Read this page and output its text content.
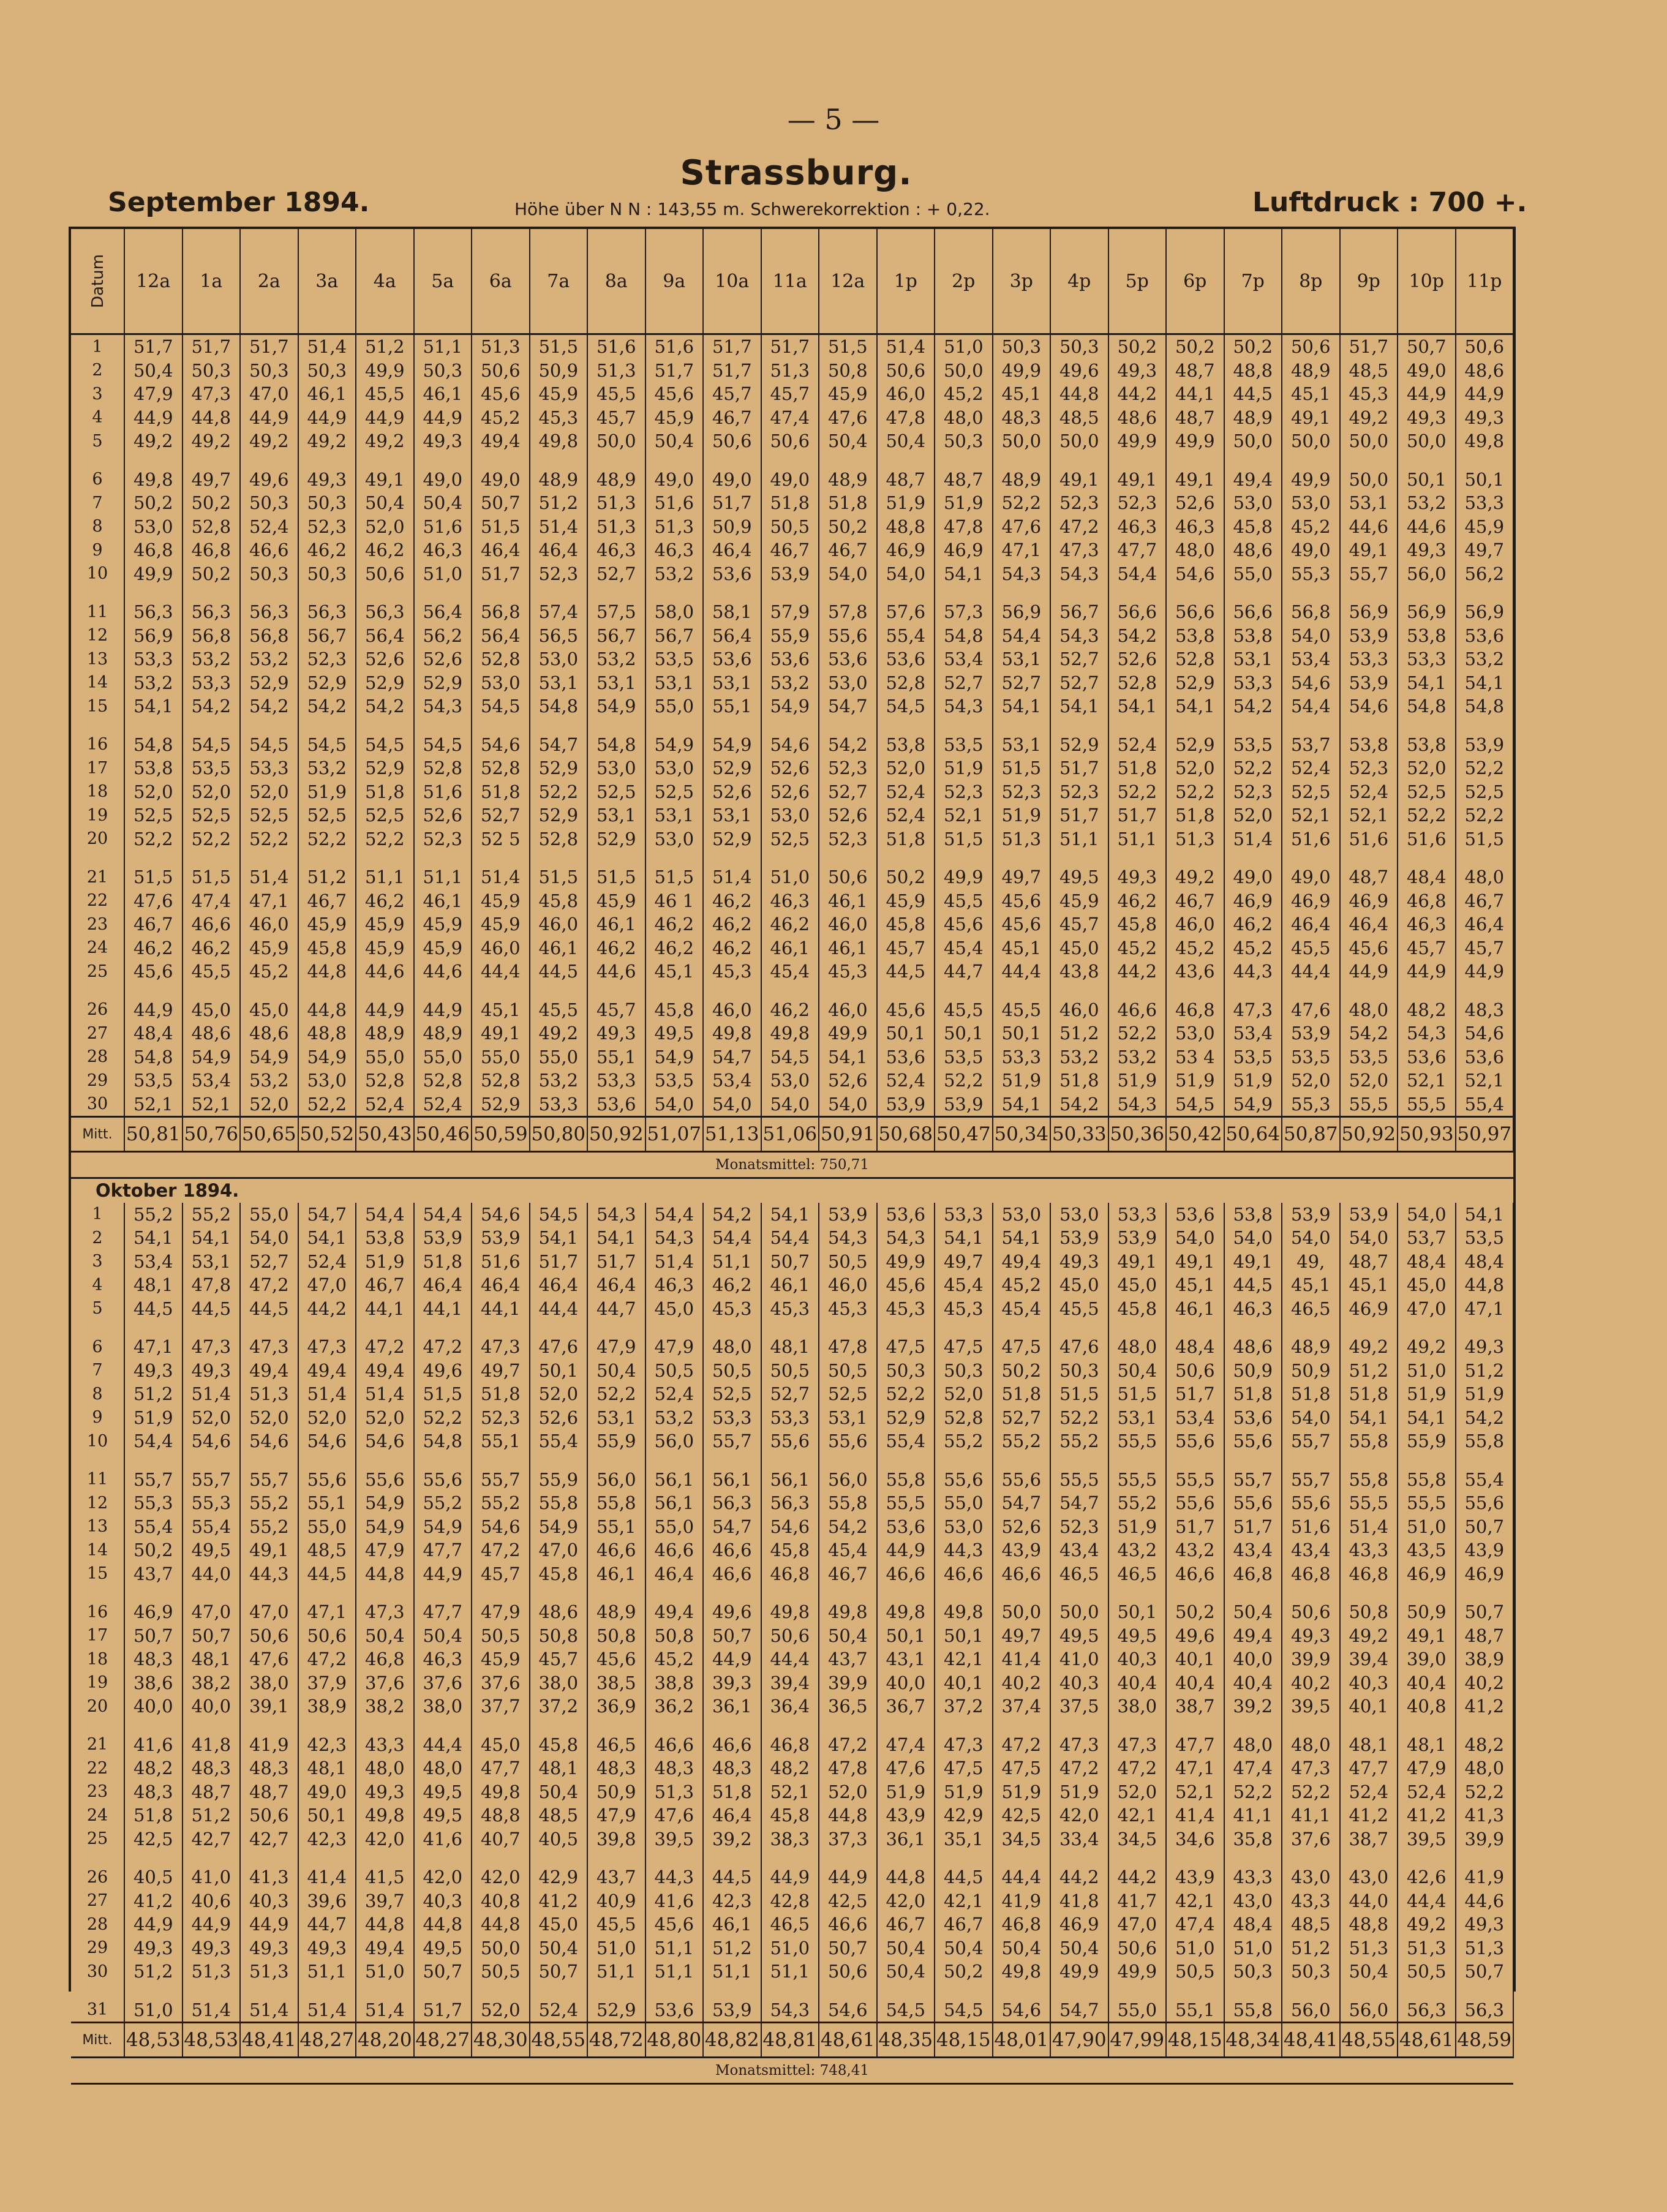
— 5 —
Strassburg.
September 1894.	Höhe über N N : 143,55 m. Schwerekorrektion : + 0,22.	Luftdruck : 700 +.
Datum	12a	1a	2a	3a	4a	5a	6a	7a	8a	9a	10a	11a	12a	1p	2p	3p	4p	5p	6p	7p	8p	9p	10p	11p
1	51,7	51,7	51,7	51,4	51,2	51,1	51,3	51,5	51,6	51,6	51,7	51,7	51,5	51,4	51,0	50,3	50,3	50,2	50,2	50,2	50,6	51,7	50,7	50,6
2	50,4	50,3	50,3	50,3	49,9	50,3	50,6	50,9	51,3	51,7	51,7	51,3	50,8	50,6	50,0	49,9	49,6	49,3	48,7	48,8	48,9	48,5	49,0	48,6
3	47,9	47,3	47,0	46,1	45,5	46,1	45,6	45,9	45,5	45,6	45,7	45,7	45,9	46,0	45,2	45,1	44,8	44,2	44,1	44,5	45,1	45,3	44,9	44,9
4	44,9	44,8	44,9	44,9	44,9	44,9	45,2	45,3	45,7	45,9	46,7	47,4	47,6	47,8	48,0	48,3	48,5	48,6	48,7	48,9	49,1	49,2	49,3	49,3
5	49,2	49,2	49,2	49,2	49,2	49,3	49,4	49,8	50,0	50,4	50,6	50,6	50,4	50,4	50,3	50,0	50,0	49,9	49,9	50,0	50,0	50,0	50,0	49,8

6	49,8	49,7	49,6	49,3	49,1	49,0	49,0	48,9	48,9	49,0	49,0	49,0	48,9	48,7	48,7	48,9	49,1	49,1	49,1	49,4	49,9	50,0	50,1	50,1
7	50,2	50,2	50,3	50,3	50,4	50,4	50,7	51,2	51,3	51,6	51,7	51,8	51,8	51,9	51,9	52,2	52,3	52,3	52,6	53,0	53,0	53,1	53,2	53,3
8	53,0	52,8	52,4	52,3	52,0	51,6	51,5	51,4	51,3	51,3	50,9	50,5	50,2	48,8	47,8	47,6	47,2	46,3	46,3	45,8	45,2	44,6	44,6	45,9
9	46,8	46,8	46,6	46,2	46,2	46,3	46,4	46,4	46,3	46,3	46,4	46,7	46,7	46,9	46,9	47,1	47,3	47,7	48,0	48,6	49,0	49,1	49,3	49,7
10	49,9	50,2	50,3	50,3	50,6	51,0	51,7	52,3	52,7	53,2	53,6	53,9	54,0	54,0	54,1	54,3	54,3	54,4	54,6	55,0	55,3	55,7	56,0	56,2

11	56,3	56,3	56,3	56,3	56,3	56,4	56,8	57,4	57,5	58,0	58,1	57,9	57,8	57,6	57,3	56,9	56,7	56,6	56,6	56,6	56,8	56,9	56,9	56,9
12	56,9	56,8	56,8	56,7	56,4	56,2	56,4	56,5	56,7	56,7	56,4	55,9	55,6	55,4	54,8	54,4	54,3	54,2	53,8	53,8	54,0	53,9	53,8	53,6
13	53,3	53,2	53,2	52,3	52,6	52,6	52,8	53,0	53,2	53,5	53,6	53,6	53,6	53,6	53,4	53,1	52,7	52,6	52,8	53,1	53,4	53,3	53,3	53,2
14	53,2	53,3	52,9	52,9	52,9	52,9	53,0	53,1	53,1	53,1	53,1	53,2	53,0	52,8	52,7	52,7	52,7	52,8	52,9	53,3	54,6	53,9	54,1	54,1
15	54,1	54,2	54,2	54,2	54,2	54,3	54,5	54,8	54,9	55,0	55,1	54,9	54,7	54,5	54,3	54,1	54,1	54,1	54,1	54,2	54,4	54,6	54,8	54,8

16	54,8	54,5	54,5	54,5	54,5	54,5	54,6	54,7	54,8	54,9	54,9	54,6	54,2	53,8	53,5	53,1	52,9	52,4	52,9	53,5	53,7	53,8	53,8	53,9
17	53,8	53,5	53,3	53,2	52,9	52,8	52,8	52,9	53,0	53,0	52,9	52,6	52,3	52,0	51,9	51,5	51,7	51,8	52,0	52,2	52,4	52,3	52,0	52,2
18	52,0	52,0	52,0	51,9	51,8	51,6	51,8	52,2	52,5	52,5	52,6	52,6	52,7	52,4	52,3	52,3	52,3	52,2	52,2	52,3	52,5	52,4	52,5	52,5
19	52,5	52,5	52,5	52,5	52,5	52,6	52,7	52,9	53,1	53,1	53,1	53,0	52,6	52,4	52,1	51,9	51,7	51,7	51,8	52,0	52,1	52,1	52,2	52,2
20	52,2	52,2	52,2	52,2	52,2	52,3	52 5	52,8	52,9	53,0	52,9	52,5	52,3	51,8	51,5	51,3	51,1	51,1	51,3	51,4	51,6	51,6	51,6	51,5

21	51,5	51,5	51,4	51,2	51,1	51,1	51,4	51,5	51,5	51,5	51,4	51,0	50,6	50,2	49,9	49,7	49,5	49,3	49,2	49,0	49,0	48,7	48,4	48,0
22	47,6	47,4	47,1	46,7	46,2	46,1	45,9	45,8	45,9	46 1	46,2	46,3	46,1	45,9	45,5	45,6	45,9	46,2	46,7	46,9	46,9	46,9	46,8	46,7
23	46,7	46,6	46,0	45,9	45,9	45,9	45,9	46,0	46,1	46,2	46,2	46,2	46,0	45,8	45,6	45,6	45,7	45,8	46,0	46,2	46,4	46,4	46,3	46,4
24	46,2	46,2	45,9	45,8	45,9	45,9	46,0	46,1	46,2	46,2	46,2	46,1	46,1	45,7	45,4	45,1	45,0	45,2	45,2	45,2	45,5	45,6	45,7	45,7
25	45,6	45,5	45,2	44,8	44,6	44,6	44,4	44,5	44,6	45,1	45,3	45,4	45,3	44,5	44,7	44,4	43,8	44,2	43,6	44,3	44,4	44,9	44,9	44,9

26	44,9	45,0	45,0	44,8	44,9	44,9	45,1	45,5	45,7	45,8	46,0	46,2	46,0	45,6	45,5	45,5	46,0	46,6	46,8	47,3	47,6	48,0	48,2	48,3
27	48,4	48,6	48,6	48,8	48,9	48,9	49,1	49,2	49,3	49,5	49,8	49,8	49,9	50,1	50,1	50,1	51,2	52,2	53,0	53,4	53,9	54,2	54,3	54,6
28	54,8	54,9	54,9	54,9	55,0	55,0	55,0	55,0	55,1	54,9	54,7	54,5	54,1	53,6	53,5	53,3	53,2	53,2	53 4	53,5	53,5	53,5	53,6	53,6
29	53,5	53,4	53,2	53,0	52,8	52,8	52,8	53,2	53,3	53,5	53,4	53,0	52,6	52,4	52,2	51,9	51,8	51,9	51,9	51,9	52,0	52,0	52,1	52,1
30	52,1	52,1	52,0	52,2	52,4	52,4	52,9	53,3	53,6	54,0	54,0	54,0	54,0	53,9	53,9	54,1	54,2	54,3	54,5	54,9	55,3	55,5	55,5	55,4
Mitt.	50,81	50,76	50,65	50,52	50,43	50,46	50,59	50,80	50,92	51,07	51,13	51,06	50,91	50,68	50,47	50,34	50,33	50,36	50,42	50,64	50,87	50,92	50,93	50,97
Monatsmittel: 750,71																								
Oktober 1894.																								
1	55,2	55,2	55,0	54,7	54,4	54,4	54,6	54,5	54,3	54,4	54,2	54,1	53,9	53,6	53,3	53,0	53,0	53,3	53,6	53,8	53,9	53,9	54,0	54,1
2	54,1	54,1	54,0	54,1	53,8	53,9	53,9	54,1	54,1	54,3	54,4	54,4	54,3	54,3	54,1	54,1	53,9	53,9	54,0	54,0	54,0	54,0	53,7	53,5
3	53,4	53,1	52,7	52,4	51,9	51,8	51,6	51,7	51,7	51,4	51,1	50,7	50,5	49,9	49,7	49,4	49,3	49,1	49,1	49,1	49,	48,7	48,4	48,4
4	48,1	47,8	47,2	47,0	46,7	46,4	46,4	46,4	46,4	46,3	46,2	46,1	46,0	45,6	45,4	45,2	45,0	45,0	45,1	44,5	45,1	45,1	45,0	44,8
5	44,5	44,5	44,5	44,2	44,1	44,1	44,1	44,4	44,7	45,0	45,3	45,3	45,3	45,3	45,3	45,4	45,5	45,8	46,1	46,3	46,5	46,9	47,0	47,1

6	47,1	47,3	47,3	47,3	47,2	47,2	47,3	47,6	47,9	47,9	48,0	48,1	47,8	47,5	47,5	47,5	47,6	48,0	48,4	48,6	48,9	49,2	49,2	49,3
7	49,3	49,3	49,4	49,4	49,4	49,6	49,7	50,1	50,4	50,5	50,5	50,5	50,5	50,3	50,3	50,2	50,3	50,4	50,6	50,9	50,9	51,2	51,0	51,2
8	51,2	51,4	51,3	51,4	51,4	51,5	51,8	52,0	52,2	52,4	52,5	52,7	52,5	52,2	52,0	51,8	51,5	51,5	51,7	51,8	51,8	51,8	51,9	51,9
9	51,9	52,0	52,0	52,0	52,0	52,2	52,3	52,6	53,1	53,2	53,3	53,3	53,1	52,9	52,8	52,7	52,2	53,1	53,4	53,6	54,0	54,1	54,1	54,2
10	54,4	54,6	54,6	54,6	54,6	54,8	55,1	55,4	55,9	56,0	55,7	55,6	55,6	55,4	55,2	55,2	55,2	55,5	55,6	55,6	55,7	55,8	55,9	55,8

11	55,7	55,7	55,7	55,6	55,6	55,6	55,7	55,9	56,0	56,1	56,1	56,1	56,0	55,8	55,6	55,6	55,5	55,5	55,5	55,7	55,7	55,8	55,8	55,4
12	55,3	55,3	55,2	55,1	54,9	55,2	55,2	55,8	55,8	56,1	56,3	56,3	55,8	55,5	55,0	54,7	54,7	55,2	55,6	55,6	55,6	55,5	55,5	55,6
13	55,4	55,4	55,2	55,0	54,9	54,9	54,6	54,9	55,1	55,0	54,7	54,6	54,2	53,6	53,0	52,6	52,3	51,9	51,7	51,7	51,6	51,4	51,0	50,7
14	50,2	49,5	49,1	48,5	47,9	47,7	47,2	47,0	46,6	46,6	46,6	45,8	45,4	44,9	44,3	43,9	43,4	43,2	43,2	43,4	43,4	43,3	43,5	43,9
15	43,7	44,0	44,3	44,5	44,8	44,9	45,7	45,8	46,1	46,4	46,6	46,8	46,7	46,6	46,6	46,6	46,5	46,5	46,6	46,8	46,8	46,8	46,9	46,9

16	46,9	47,0	47,0	47,1	47,3	47,7	47,9	48,6	48,9	49,4	49,6	49,8	49,8	49,8	49,8	50,0	50,0	50,1	50,2	50,4	50,6	50,8	50,9	50,7
17	50,7	50,7	50,6	50,6	50,4	50,4	50,5	50,8	50,8	50,8	50,7	50,6	50,4	50,1	50,1	49,7	49,5	49,5	49,6	49,4	49,3	49,2	49,1	48,7
18	48,3	48,1	47,6	47,2	46,8	46,3	45,9	45,7	45,6	45,2	44,9	44,4	43,7	43,1	42,1	41,4	41,0	40,3	40,1	40,0	39,9	39,4	39,0	38,9
19	38,6	38,2	38,0	37,9	37,6	37,6	37,6	38,0	38,5	38,8	39,3	39,4	39,9	40,0	40,1	40,2	40,3	40,4	40,4	40,4	40,2	40,3	40,4	40,2
20	40,0	40,0	39,1	38,9	38,2	38,0	37,7	37,2	36,9	36,2	36,1	36,4	36,5	36,7	37,2	37,4	37,5	38,0	38,7	39,2	39,5	40,1	40,8	41,2

21	41,6	41,8	41,9	42,3	43,3	44,4	45,0	45,8	46,5	46,6	46,6	46,8	47,2	47,4	47,3	47,2	47,3	47,3	47,7	48,0	48,0	48,1	48,1	48,2
22	48,2	48,3	48,3	48,1	48,0	48,0	47,7	48,1	48,3	48,3	48,3	48,2	47,8	47,6	47,5	47,5	47,2	47,2	47,1	47,4	47,3	47,7	47,9	48,0
23	48,3	48,7	48,7	49,0	49,3	49,5	49,8	50,4	50,9	51,3	51,8	52,1	52,0	51,9	51,9	51,9	51,9	52,0	52,1	52,2	52,2	52,4	52,4	52,2
24	51,8	51,2	50,6	50,1	49,8	49,5	48,8	48,5	47,9	47,6	46,4	45,8	44,8	43,9	42,9	42,5	42,0	42,1	41,4	41,1	41,1	41,2	41,2	41,3
25	42,5	42,7	42,7	42,3	42,0	41,6	40,7	40,5	39,8	39,5	39,2	38,3	37,3	36,1	35,1	34,5	33,4	34,5	34,6	35,8	37,6	38,7	39,5	39,9

26	40,5	41,0	41,3	41,4	41,5	42,0	42,0	42,9	43,7	44,3	44,5	44,9	44,9	44,8	44,5	44,4	44,2	44,2	43,9	43,3	43,0	43,0	42,6	41,9
27	41,2	40,6	40,3	39,6	39,7	40,3	40,8	41,2	40,9	41,6	42,3	42,8	42,5	42,0	42,1	41,9	41,8	41,7	42,1	43,0	43,3	44,0	44,4	44,6
28	44,9	44,9	44,9	44,7	44,8	44,8	44,8	45,0	45,5	45,6	46,1	46,5	46,6	46,7	46,7	46,8	46,9	47,0	47,4	48,4	48,5	48,8	49,2	49,3
29	49,3	49,3	49,3	49,3	49,4	49,5	50,0	50,4	51,0	51,1	51,2	51,0	50,7	50,4	50,4	50,4	50,4	50,6	51,0	51,0	51,2	51,3	51,3	51,3
30	51,2	51,3	51,3	51,1	51,0	50,7	50,5	50,7	51,1	51,1	51,1	51,1	50,6	50,4	50,2	49,8	49,9	49,9	50,5	50,3	50,3	50,4	50,5	50,7

31	51,0	51,4	51,4	51,4	51,4	51,7	52,0	52,4	52,9	53,6	53,9	54,3	54,6	54,5	54,5	54,6	54,7	55,0	55,1	55,8	56,0	56,0	56,3	56,3
Mitt.	48,53	48,53	48,41	48,27	48,20	48,27	48,30	48,55	48,72	48,80	48,82	48,81	48,61	48,35	48,15	48,01	47,90	47,99	48,15	48,34	48,41	48,55	48,61	48,59
Monatsmittel: 748,41																								
